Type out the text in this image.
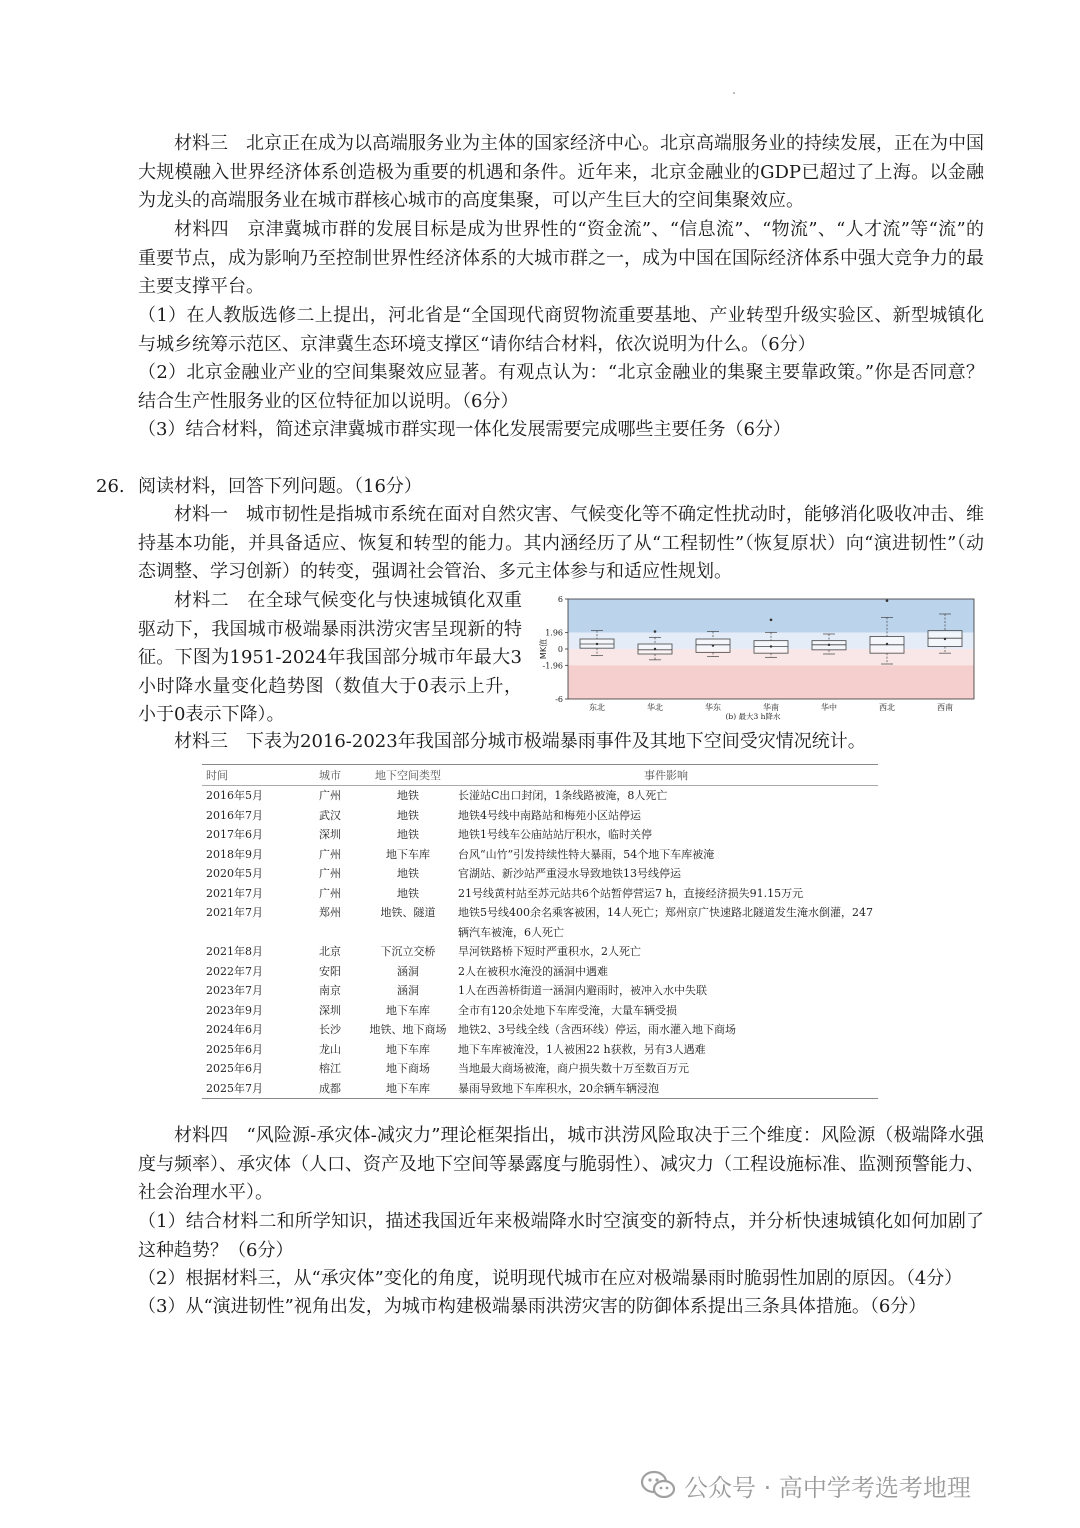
材料三　北京正在成为以高端服务业为主体的国家经济中心。北京高端服务业的持续发展，正在为中国大规模融入世界经济体系创造极为重要的机遇和条件。近年来，北京金融业的GDP已超过了上海。以金融为龙头的高端服务业在城市群核心城市的高度集聚，可以产生巨大的空间集聚效应。

材料四　京津冀城市群的发展目标是成为世界性的“资金流”、“信息流”、“物流”、“人才流”等“流”的重要节点，成为影响乃至控制世界性经济体系的大城市群之一，成为中国在国际经济体系中强大竞争力的最主要支撑平台。

（1）在人教版选修二上提出，河北省是“全国现代商贸物流重要基地、产业转型升级实验区、新型城镇化与城乡统筹示范区、京津冀生态环境支撑区“请你结合材料，依次说明为什么。（6分）

（2）北京金融业产业的空间集聚效应显著。有观点认为：“北京金融业的集聚主要靠政策。”你是否同意？结合生产性服务业的区位特征加以说明。（6分）

（3）结合材料，简述京津冀城市群实现一体化发展需要完成哪些主要任务（6分）

26. 阅读材料，回答下列问题。（16分）

材料一　城市韧性是指城市系统在面对自然灾害、气候变化等不确定性扰动时，能够消化吸收冲击、维持基本功能，并具备适应、恢复和转型的能力。其内涵经历了从“工程韧性”（恢复原状）向“演进韧性”（动态调整、学习创新）的转变，强调社会管治、多元主体参与和适应性规划。

材料二　在全球气候变化与快速城镇化双重驱动下，我国城市极端暴雨洪涝灾害呈现新的特征。下图为1951-2024年我国部分城市年最大3小时降水量变化趋势图（数值大于0表示上升，小于0表示下降）。

6
1.96
0
-1.96
-6
MK值
东北	华北	华东	华南	华中	西北	西南
(b) 最大3 h降水

材料三　下表为2016-2023年我国部分城市极端暴雨事件及其地下空间受灾情况统计。

时间	城市	地下空间类型	事件影响
2016年5月	广州	地铁	长湴站C出口封闭，1条线路被淹，8人死亡
2016年7月	武汉	地铁	地铁4号线中南路站和梅苑小区站停运
2017年6月	深圳	地铁	地铁1号线车公庙站站厅积水，临时关停
2018年9月	广州	地下车库	台风“山竹”引发持续性特大暴雨，54个地下车库被淹
2020年5月	广州	地铁	官湖站、新沙站严重浸水导致地铁13号线停运
2021年7月	广州	地铁	21号线黄村站至苏元站共6个站暂停营运7 h，直接经济损失91.15万元
2021年7月	郑州	地铁、隧道	地铁5号线400余名乘客被困，14人死亡；郑州京广快速路北隧道发生淹水倒灌，247辆汽车被淹，6人死亡
2021年8月	北京	下沉立交桥	旱河铁路桥下短时严重积水，2人死亡
2022年7月	安阳	涵洞	2人在被积水淹没的涵洞中遇难
2023年7月	南京	涵洞	1人在西善桥街道一涵洞内避雨时，被冲入水中失联
2023年9月	深圳	地下车库	全市有120余处地下车库受淹，大量车辆受损
2024年6月	长沙	地铁、地下商场	地铁2、3号线全线（含西环线）停运，雨水灌入地下商场
2025年6月	龙山	地下车库	地下车库被淹没，1人被困22 h获救，另有3人遇难
2025年6月	榕江	地下商场	当地最大商场被淹，商户损失数十万至数百万元
2025年7月	成都	地下车库	暴雨导致地下车库积水，20余辆车辆浸泡

材料四　“风险源-承灾体-减灾力”理论框架指出，城市洪涝风险取决于三个维度：风险源（极端降水强度与频率）、承灾体（人口、资产及地下空间等暴露度与脆弱性）、减灾力（工程设施标准、监测预警能力、社会治理水平）。

（1）结合材料二和所学知识，描述我国近年来极端降水时空演变的新特点，并分析快速城镇化如何加剧了这种趋势？（6分）

（2）根据材料三，从“承灾体”变化的角度，说明现代城市在应对极端暴雨时脆弱性加剧的原因。（4分）

（3）从“演进韧性”视角出发，为城市构建极端暴雨洪涝灾害的防御体系提出三条具体措施。（6分）

公众号 · 高中学考选考地理
